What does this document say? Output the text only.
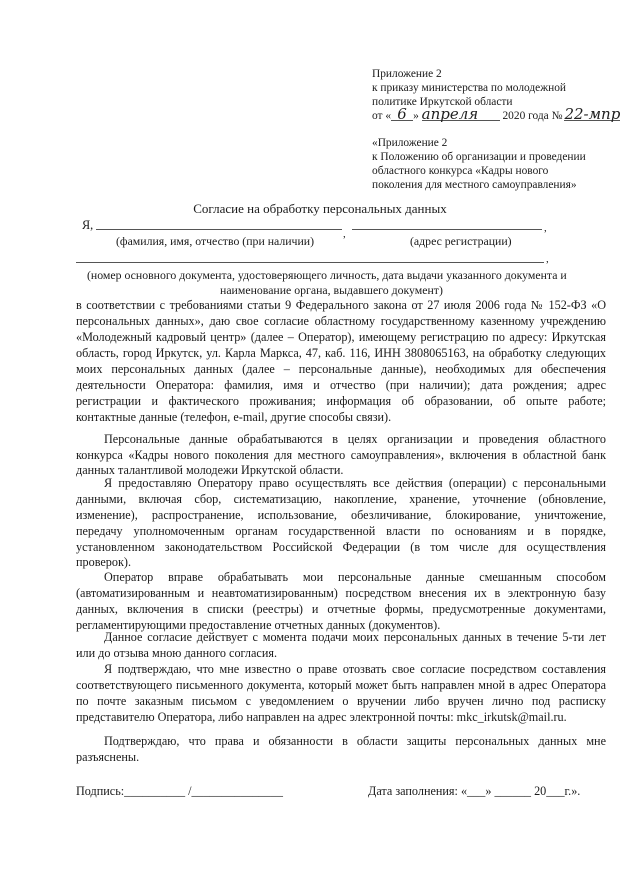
Приложение 2
к приказу министерства по молодежной
политике Иркутской области
от « 6 » апреля 2020 года № 22-мпр
«Приложение 2
к Положению об организации и проведении
областного конкурса «Кадры нового
поколения для местного самоуправления»
Согласие на обработку персональных данных
Я,
,	,
(фамилия, имя, отчество (при наличии)	(адрес регистрации)
,
(номер основного документа, удостоверяющего личность, дата выдачи указанного документа и
наименование органа, выдавшего документ)
в соответствии с требованиями статьи 9 Федерального закона от 27 июля 2006 года № 152-ФЗ «О
персональных данных», даю свое согласие областному государственному казенному учреждению
«Молодежный кадровый центр» (далее – Оператор), имеющему регистрацию по адресу: Иркутская
область, город Иркутск, ул. Карла Маркса, 47, каб. 116, ИНН 3808065163, на обработку следующих
моих персональных данных (далее – персональные данные), необходимых для обеспечения
деятельности Оператора: фамилия, имя и отчество (при наличии); дата рождения; адрес
регистрации и фактического проживания; информация об образовании, об опыте работе;
контактные данные (телефон, e-mail, другие способы связи).
Персональные данные обрабатываются в целях организации и проведения областного
конкурса «Кадры нового поколения для местного самоуправления», включения в областной банк
данных талантливой молодежи Иркутской области.
Я предоставляю Оператору право осуществлять все действия (операции) с персональными
данными, включая сбор, систематизацию, накопление, хранение, уточнение (обновление,
изменение), распространение, использование, обезличивание, блокирование, уничтожение,
передачу уполномоченным органам государственной власти по основаниям и в порядке,
установленном законодательством Российской Федерации (в том числе для осуществления
проверок).
Оператор вправе обрабатывать мои персональные данные смешанным способом
(автоматизированным и неавтоматизированным) посредством внесения их в электронную базу
данных, включения в списки (реестры) и отчетные формы, предусмотренные документами,
регламентирующими предоставление отчетных данных (документов).
Данное согласие действует с момента подачи моих персональных данных в течение 5-ти лет
или до отзыва мною данного согласия.
Я подтверждаю, что мне известно о праве отозвать свое согласие посредством составления
соответствующего письменного документа, который может быть направлен мной в адрес Оператора
по почте заказным письмом с уведомлением о вручении либо вручен лично под расписку
представителю Оператора, либо направлен на адрес электронной почты: mkc_irkutsk@mail.ru.
Подтверждаю, что права и обязанности в области защиты персональных данных мне
разъяснены.
Подпись:__________ /_______________	Дата заполнения: «___» ______ 20___г.».
